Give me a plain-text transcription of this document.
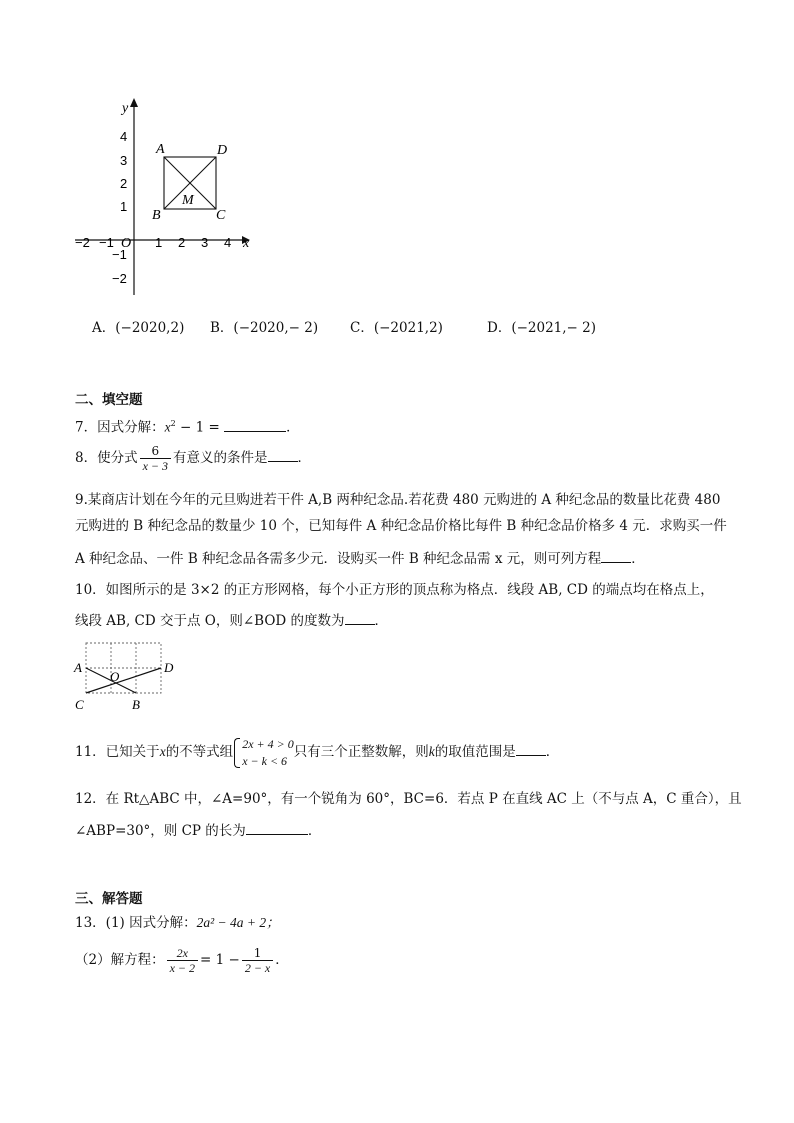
y
x
4
3
2
1
−1
−2
−2 −1 O 1 2 3 4
A	D
B	C
M
A．(−2020,2) B．(−2020,− 2) C．(−2021,2)	D．(−2021,− 2)
二、填空题
7．因式分解：$x^2 - 1$ =	．
8．使分式 $\frac{6}{x - 3}$ 有意义的条件是 ．
9.某商店计划在今年的元旦购进若干件 A,B 两种纪念品.若花费 480 元购进的 A 种纪念品的数量比花费 480
元购进的 B 种纪念品的数量少 10 个，已知每件 A 种纪念品价格比每件 B 种纪念品价格多 4 元．求购买一件
A 种纪念品、一件 B 种纪念品各需多少元．设购买一件 B 种纪念品需 x 元，则可列方程 ．
10．如图所示的是 3×2 的正方形网格，每个小正方形的顶点称为格点．线段 AB, CD 的端点均在格点上，
线段 AB, CD 交于点 O，则∠BOD 的度数为 ．
A	D
O
C	B
11．已知关于x的不等式组
2x + 4 > 0
x − k < 6
只有三个正整数解，则k的取值范围是 ．
12．在 Rt△ABC 中，∠A=90°，有一个锐角为 60°，BC=6．若点 P 在直线 AC 上（不与点 A，C 重合），且
∠ABP=30°，则 CP 的长为	．
三、解答题
13．(1) 因式分解：2a² − 4a + 2；
（2）解方程： $\frac{2x}{x - 2} = 1 - \frac{1}{2 - x}$ ．
